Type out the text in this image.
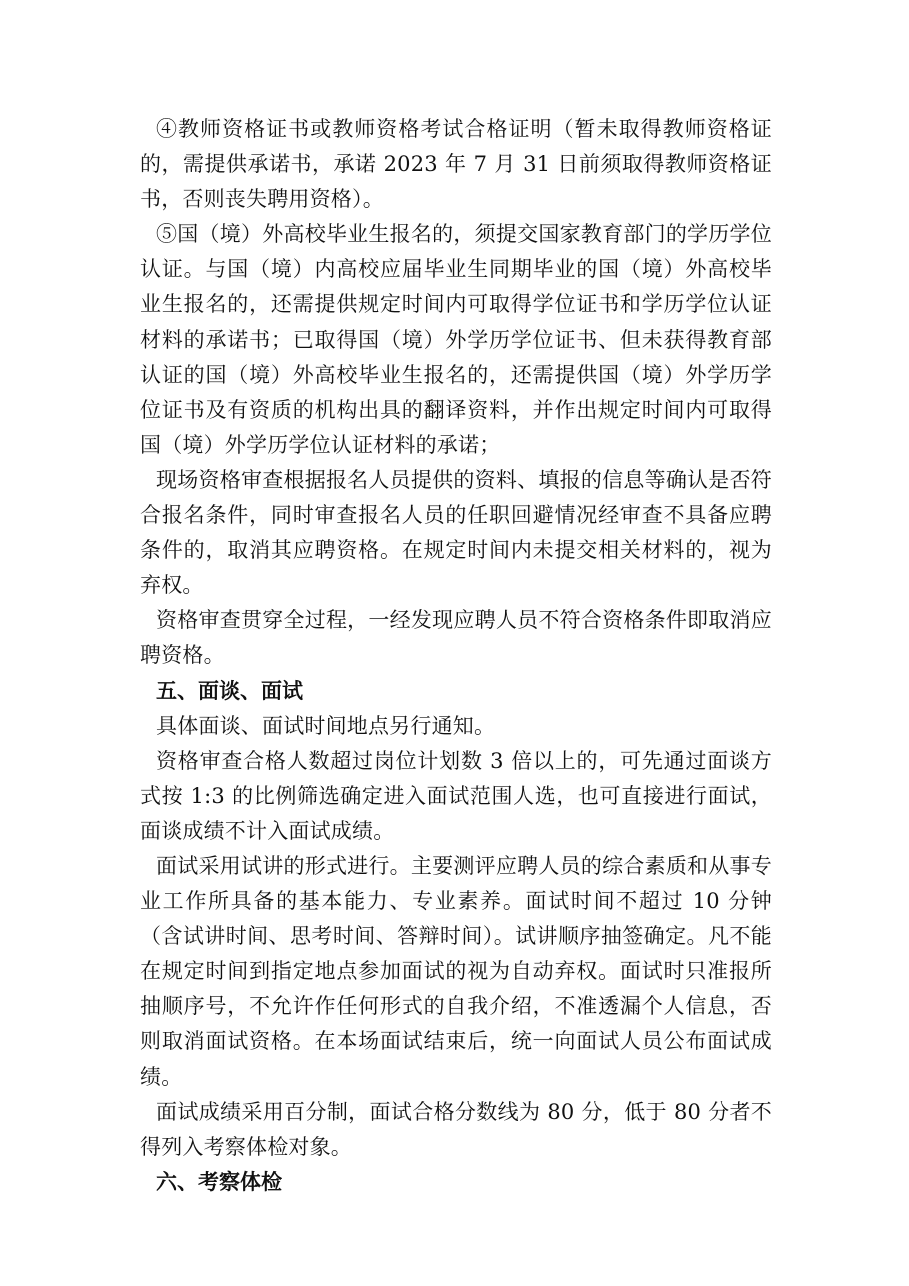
④教师资格证书或教师资格考试合格证明（暂未取得教师资格证的，需提供承诺书，承诺 2023 年 7 月 31 日前须取得教师资格证书，否则丧失聘用资格）。

⑤国（境）外高校毕业生报名的，须提交国家教育部门的学历学位认证。与国（境）内高校应届毕业生同期毕业的国（境）外高校毕业生报名的，还需提供规定时间内可取得学位证书和学历学位认证材料的承诺书；已取得国（境）外学历学位证书、但未获得教育部认证的国（境）外高校毕业生报名的，还需提供国（境）外学历学位证书及有资质的机构出具的翻译资料，并作出规定时间内可取得国（境）外学历学位认证材料的承诺；

现场资格审查根据报名人员提供的资料、填报的信息等确认是否符合报名条件，同时审查报名人员的任职回避情况经审查不具备应聘条件的，取消其应聘资格。在规定时间内未提交相关材料的，视为弃权。

资格审查贯穿全过程，一经发现应聘人员不符合资格条件即取消应聘资格。

五、面谈、面试

具体面谈、面试时间地点另行通知。

资格审查合格人数超过岗位计划数 3 倍以上的，可先通过面谈方式按 1:3 的比例筛选确定进入面试范围人选，也可直接进行面试，面谈成绩不计入面试成绩。

面试采用试讲的形式进行。主要测评应聘人员的综合素质和从事专业工作所具备的基本能力、专业素养。面试时间不超过 10 分钟（含试讲时间、思考时间、答辩时间）。试讲顺序抽签确定。凡不能在规定时间到指定地点参加面试的视为自动弃权。面试时只准报所抽顺序号，不允许作任何形式的自我介绍，不准透漏个人信息，否则取消面试资格。在本场面试结束后，统一向面试人员公布面试成绩。

面试成绩采用百分制，面试合格分数线为 80 分，低于 80 分者不得列入考察体检对象。

六、考察体检
